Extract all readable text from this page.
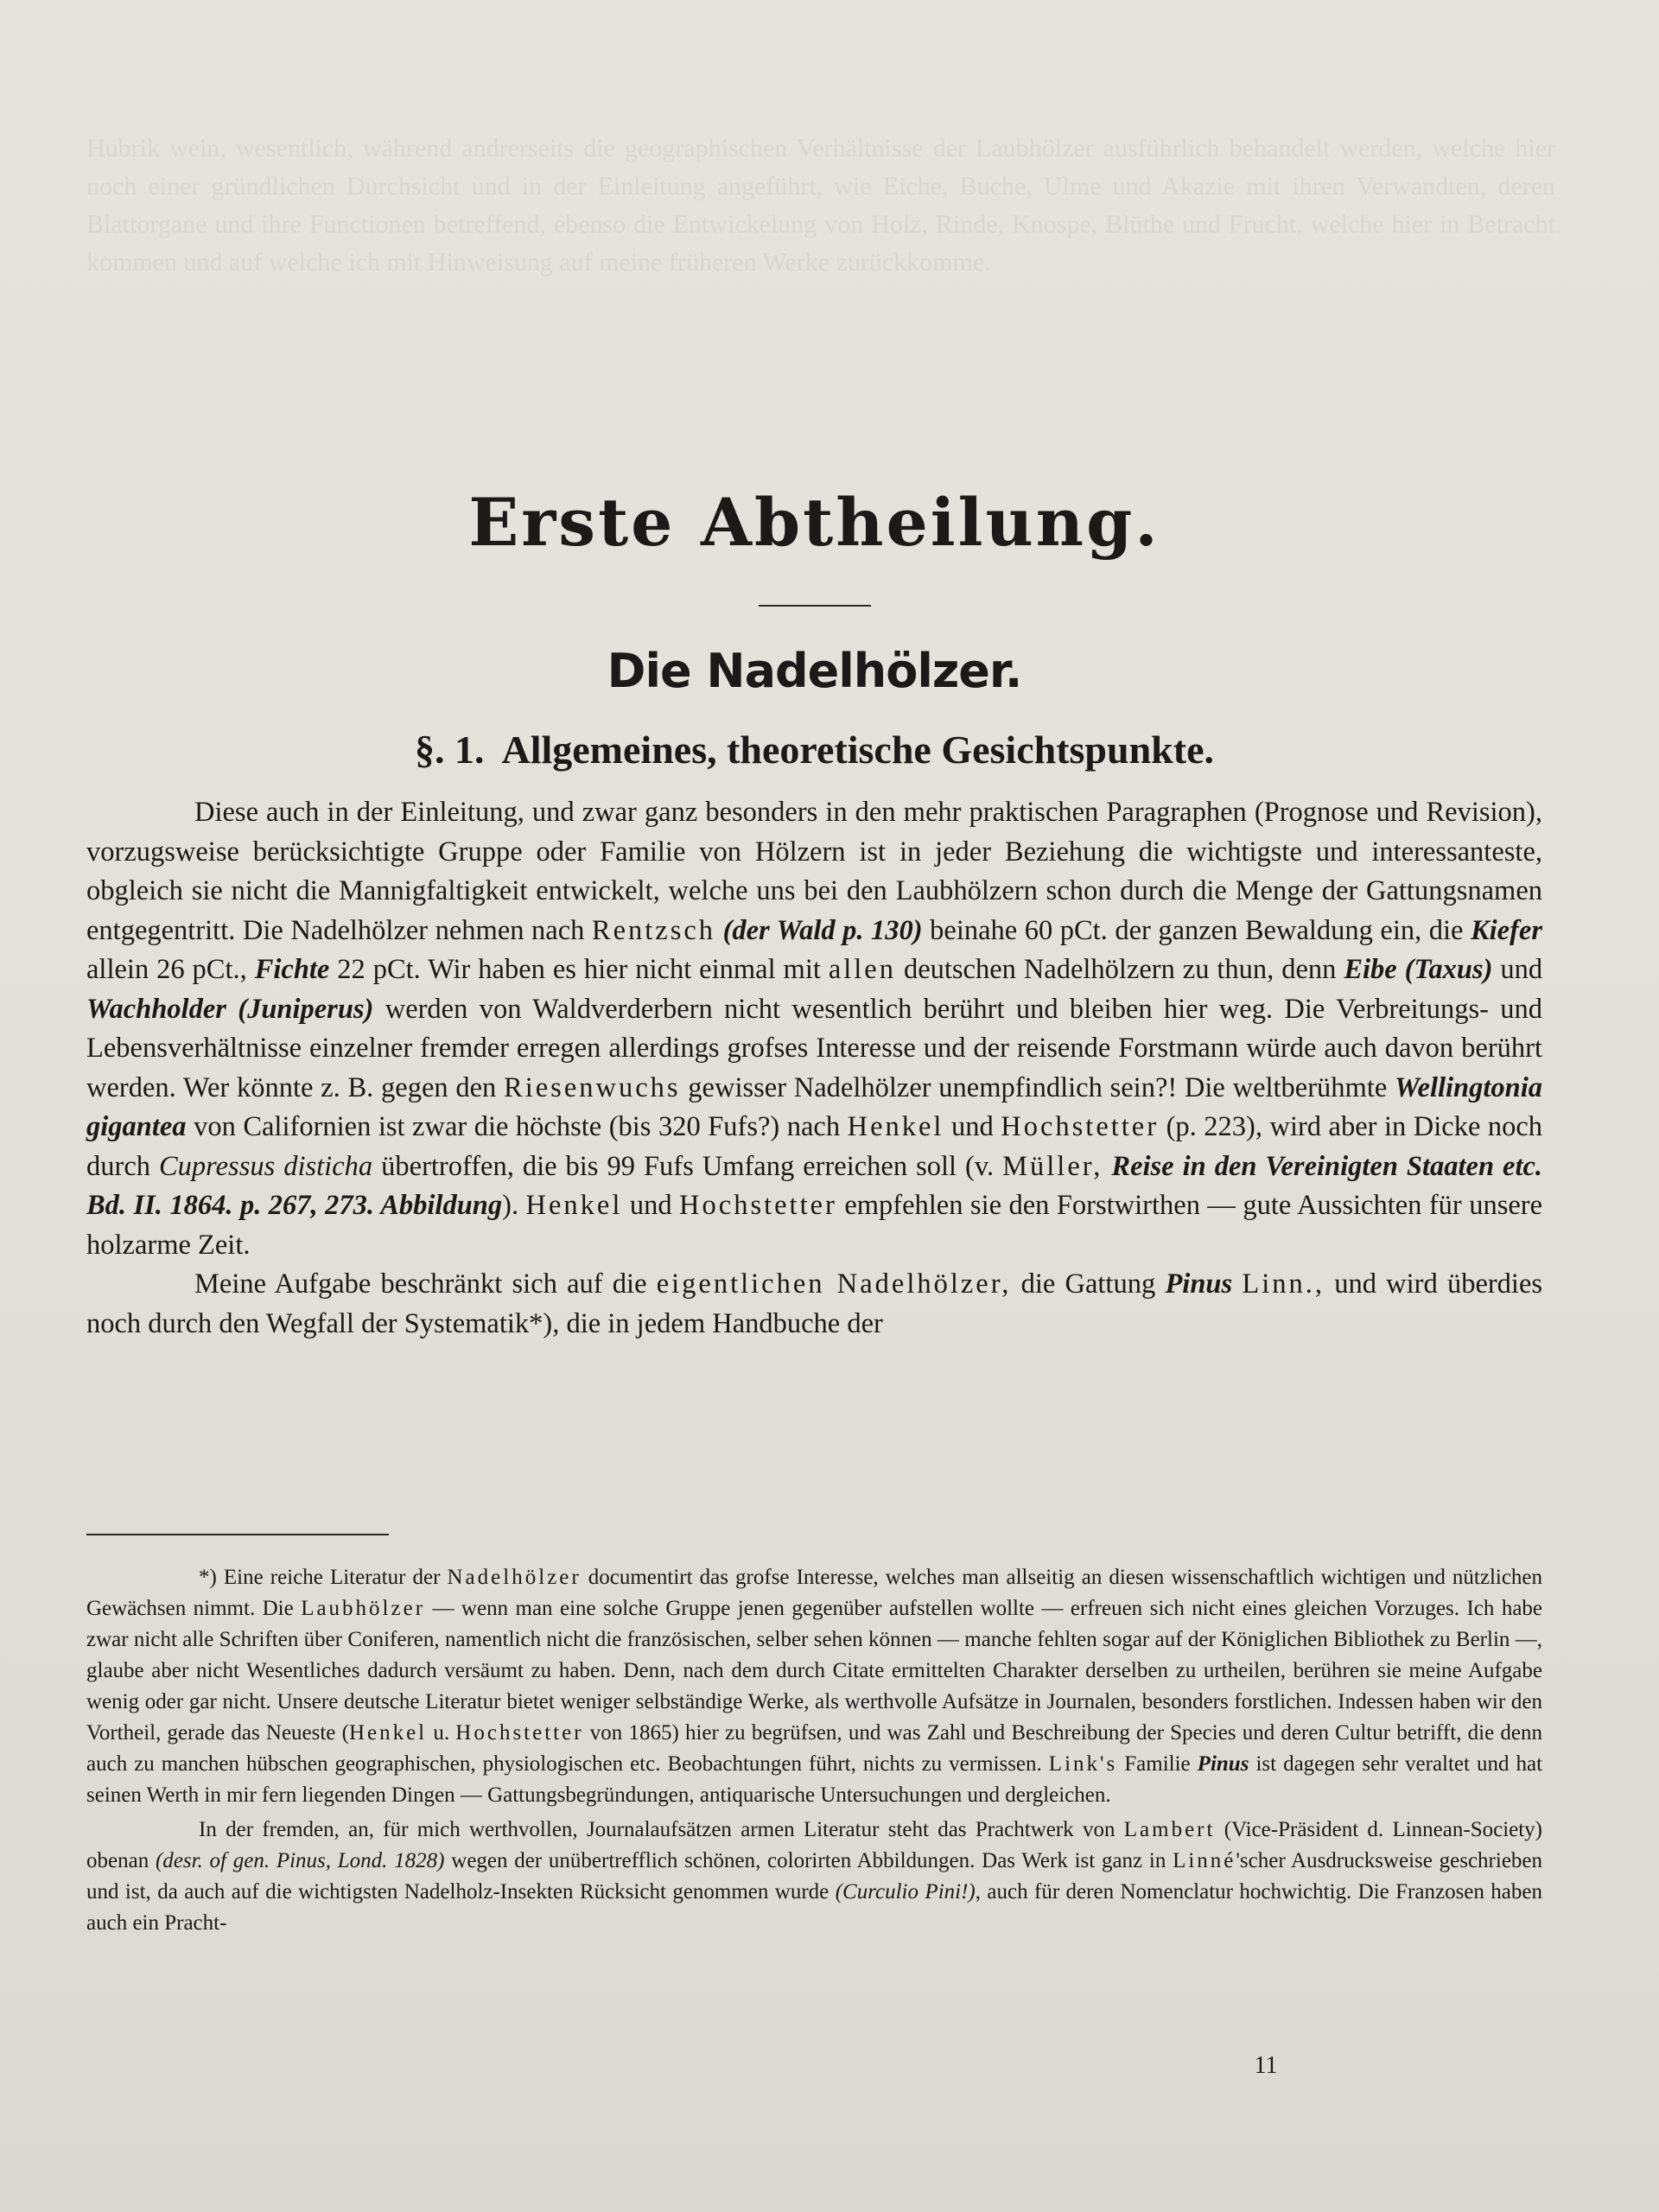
Hubrik wein, wesentlich, während andrerseits die geographischen Verhältnisse der Laubhölzer ausführlich behandelt werden, welche hier noch einer gründlichen Durchsicht und in der Einleitung angeführt, wie Eiche, Buche, Ulme und Akazie mit ihren Verwandten, deren Blattorgane und ihre Functionen betreffend, ebenso die Entwickelung von Holz, Rinde, Knospe, Blüthe und Frucht, welche hier in Betracht kommen und auf welche ich mit Hinweisung auf meine früheren Werke zurückkomme.
Erste Abtheilung.
Die Nadelhölzer.
§. 1. Allgemeines, theoretische Gesichtspunkte.

Diese auch in der Einleitung, und zwar ganz besonders in den mehr praktischen Paragraphen (Prognose und Revision), vorzugsweise berücksichtigte Gruppe oder Familie von Hölzern ist in jeder Beziehung die wichtigste und interessanteste, obgleich sie nicht die Mannigfaltigkeit entwickelt, welche uns bei den Laubhölzern schon durch die Menge der Gattungsnamen entgegentritt. Die Nadelhölzer nehmen nach Rentzsch (der Wald p. 130) beinahe 60 pCt. der ganzen Bewaldung ein, die Kiefer allein 26 pCt., Fichte 22 pCt. Wir haben es hier nicht einmal mit allen deutschen Nadelhölzern zu thun, denn Eibe (Taxus) und Wachholder (Juniperus) werden von Waldverderbern nicht wesentlich berührt und bleiben hier weg. Die Verbreitungs- und Lebensverhältnisse einzelner fremder erregen allerdings grofses Interesse und der reisende Forstmann würde auch davon berührt werden. Wer könnte z. B. gegen den Riesenwuchs gewisser Nadelhölzer unempfindlich sein?! Die weltberühmte Wellingtonia gigantea von Californien ist zwar die höchste (bis 320 Fufs?) nach Henkel und Hochstetter (p. 223), wird aber in Dicke noch durch Cupressus disticha übertroffen, die bis 99 Fufs Umfang erreichen soll (v. Müller, Reise in den Vereinigten Staaten etc. Bd. II. 1864. p. 267, 273. Abbildung). Henkel und Hochstetter empfehlen sie den Forstwirthen — gute Aussichten für unsere holzarme Zeit.

Meine Aufgabe beschränkt sich auf die eigentlichen Nadelhölzer, die Gattung Pinus Linn., und wird überdies noch durch den Wegfall der Systematik*), die in jedem Handbuche der

*) Eine reiche Literatur der Nadelhölzer documentirt das grofse Interesse, welches man allseitig an diesen wissenschaftlich wichtigen und nützlichen Gewächsen nimmt. Die Laubhölzer — wenn man eine solche Gruppe jenen gegenüber aufstellen wollte — erfreuen sich nicht eines gleichen Vorzuges. Ich habe zwar nicht alle Schriften über Coniferen, namentlich nicht die französischen, selber sehen können — manche fehlten sogar auf der Königlichen Bibliothek zu Berlin —, glaube aber nicht Wesentliches dadurch versäumt zu haben. Denn, nach dem durch Citate ermittelten Charakter derselben zu urtheilen, berühren sie meine Aufgabe wenig oder gar nicht. Unsere deutsche Literatur bietet weniger selbständige Werke, als werthvolle Aufsätze in Journalen, besonders forstlichen. Indessen haben wir den Vortheil, gerade das Neueste (Henkel u. Hochstetter von 1865) hier zu begrüfsen, und was Zahl und Beschreibung der Species und deren Cultur betrifft, die denn auch zu manchen hübschen geographischen, physiologischen etc. Beobachtungen führt, nichts zu vermissen. Link's Familie Pinus ist dagegen sehr veraltet und hat seinen Werth in mir fern liegenden Dingen — Gattungsbegründungen, antiquarische Untersuchungen und dergleichen.

In der fremden, an, für mich werthvollen, Journalaufsätzen armen Literatur steht das Prachtwerk von Lambert (Vice-Präsident d. Linnean-Society) obenan (desr. of gen. Pinus, Lond. 1828) wegen der unübertrefflich schönen, colorirten Abbildungen. Das Werk ist ganz in Linné'scher Ausdrucksweise geschrieben und ist, da auch auf die wichtigsten Nadelholz-Insekten Rücksicht genommen wurde (Curculio Pini!), auch für deren Nomenclatur hochwichtig. Die Franzosen haben auch ein Pracht-

11
